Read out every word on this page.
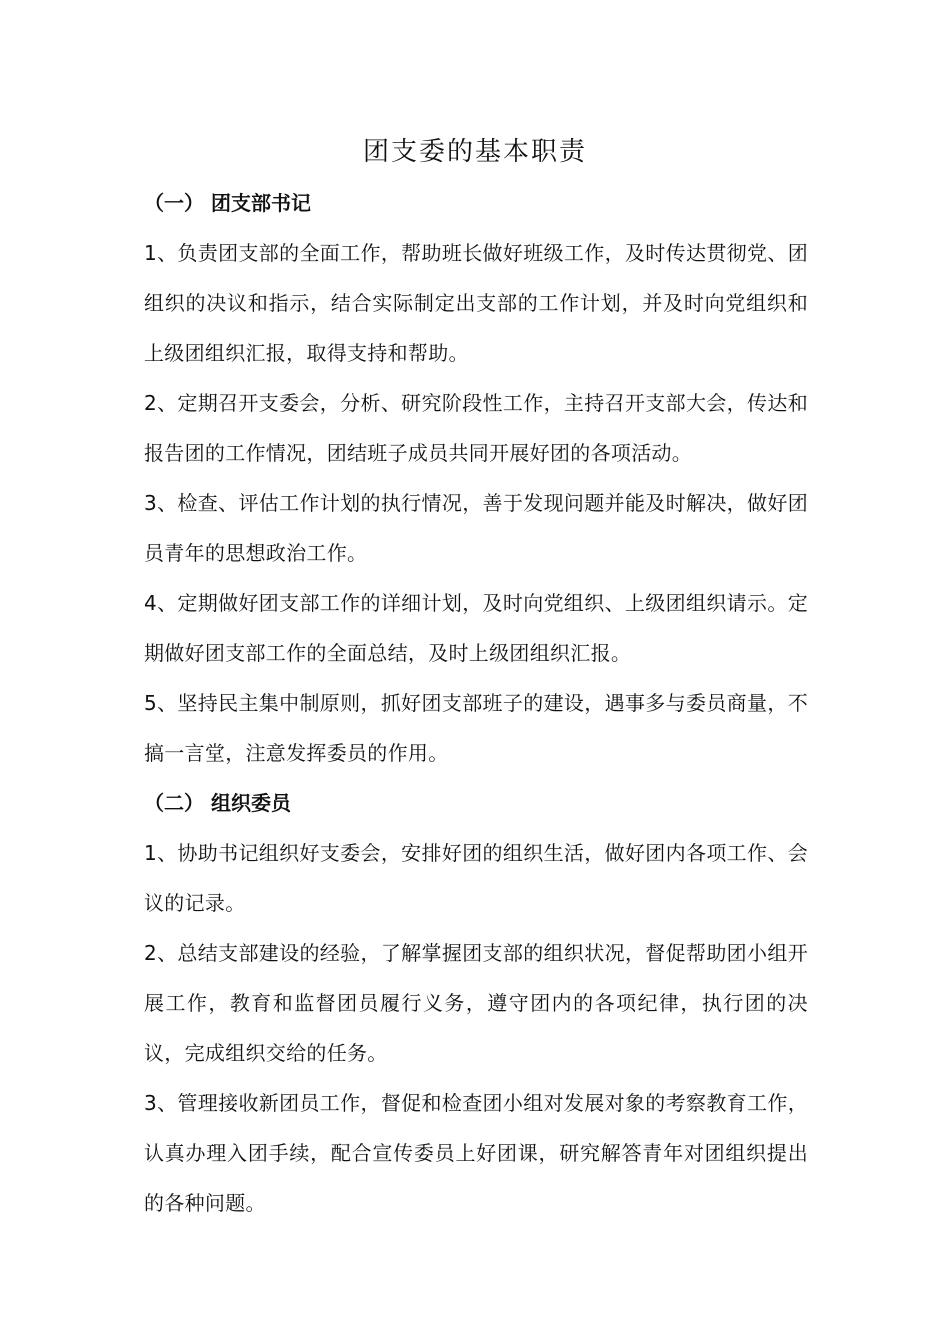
团支委的基本职责

（一） 团支部书记

1、负责团支部的全面工作，帮助班长做好班级工作，及时传达贯彻党、团组织的决议和指示，结合实际制定出支部的工作计划，并及时向党组织和上级团组织汇报，取得支持和帮助。

2、定期召开支委会，分析、研究阶段性工作，主持召开支部大会，传达和报告团的工作情况，团结班子成员共同开展好团的各项活动。

3、检查、评估工作计划的执行情况，善于发现问题并能及时解决，做好团员青年的思想政治工作。

4、定期做好团支部工作的详细计划，及时向党组织、上级团组织请示。定期做好团支部工作的全面总结，及时上级团组织汇报。

5、坚持民主集中制原则，抓好团支部班子的建设，遇事多与委员商量，不搞一言堂，注意发挥委员的作用。

（二） 组织委员

1、协助书记组织好支委会，安排好团的组织生活，做好团内各项工作、会议的记录。

2、总结支部建设的经验，了解掌握团支部的组织状况，督促帮助团小组开展工作，教育和监督团员履行义务，遵守团内的各项纪律，执行团的决议，完成组织交给的任务。

3、管理接收新团员工作，督促和检查团小组对发展对象的考察教育工作，认真办理入团手续，配合宣传委员上好团课，研究解答青年对团组织提出的各种问题。
